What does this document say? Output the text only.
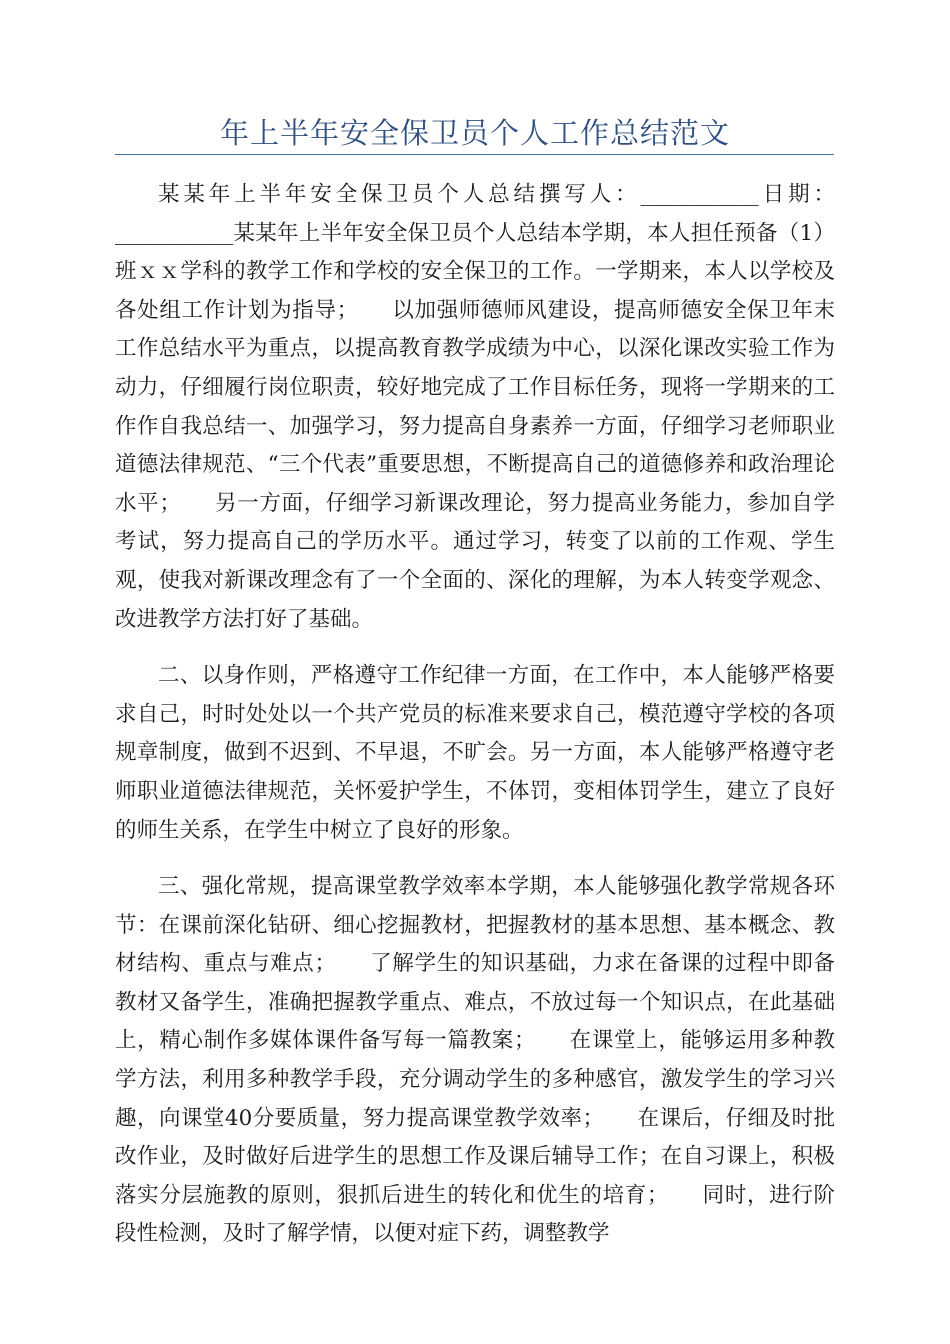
年上半年安全保卫员个人工作总结范文

某某年上半年安全保卫员个人总结撰写人：___________日期：___________某某年上半年安全保卫员个人总结本学期，本人担任预备（1）班ｘｘ学科的教学工作和学校的安全保卫的工作。一学期来，本人以学校及各处组工作计划为指导；　　以加强师德师风建设，提高师德安全保卫年末工作总结水平为重点，以提高教育教学成绩为中心，以深化课改实验工作为动力，仔细履行岗位职责，较好地完成了工作目标任务，现将一学期来的工作作自我总结一、加强学习，努力提高自身素养一方面，仔细学习老师职业道德法律规范、“三个代表”重要思想，不断提高自己的道德修养和政治理论水平；　　另一方面，仔细学习新课改理论，努力提高业务能力，参加自学考试，努力提高自己的学历水平。通过学习，转变了以前的工作观、学生观，使我对新课改理念有了一个全面的、深化的理解，为本人转变学观念、改进教学方法打好了基础。

二、以身作则，严格遵守工作纪律一方面，在工作中，本人能够严格要求自己，时时处处以一个共产党员的标准来要求自己，模范遵守学校的各项规章制度，做到不迟到、不早退，不旷会。另一方面，本人能够严格遵守老师职业道德法律规范，关怀爱护学生，不体罚，变相体罚学生，建立了良好的师生关系，在学生中树立了良好的形象。

三、强化常规，提高课堂教学效率本学期，本人能够强化教学常规各环节：在课前深化钻研、细心挖掘教材，把握教材的基本思想、基本概念、教材结构、重点与难点；　　了解学生的知识基础，力求在备课的过程中即备教材又备学生，准确把握教学重点、难点，不放过每一个知识点，在此基础上，精心制作多媒体课件备写每一篇教案；　　在课堂上，能够运用多种教学方法，利用多种教学手段，充分调动学生的多种感官，激发学生的学习兴趣，向课堂40分要质量，努力提高课堂教学效率；　　在课后，仔细及时批改作业，及时做好后进学生的思想工作及课后辅导工作；在自习课上，积极落实分层施教的原则，狠抓后进生的转化和优生的培育；　　同时，进行阶段性检测，及时了解学情，以便对症下药，调整教学
